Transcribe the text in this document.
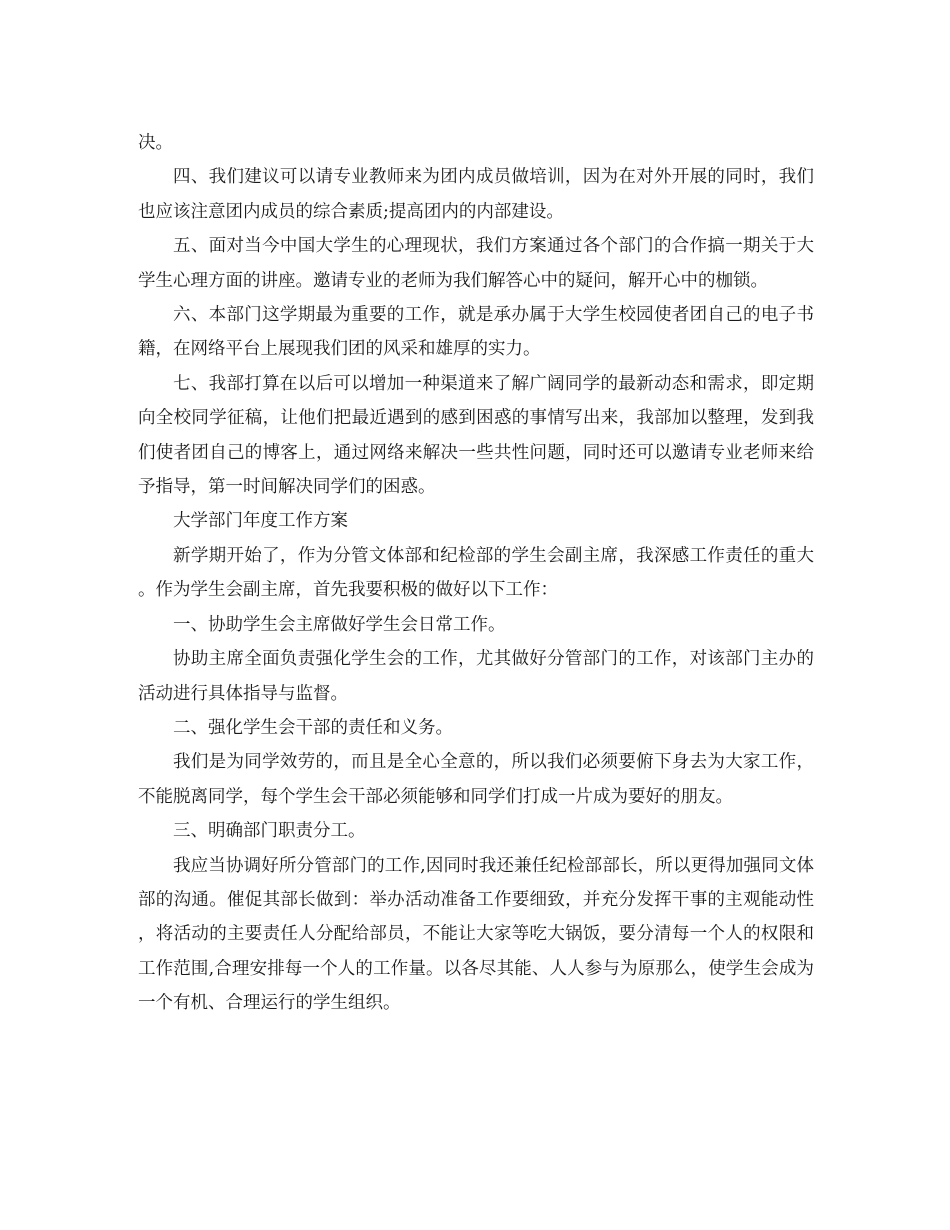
决。

四、我们建议可以请专业教师来为团内成员做培训，因为在对外开展的同时，我们也应该注意团内成员的综合素质;提高团内的内部建设。

五、面对当今中国大学生的心理现状，我们方案通过各个部门的合作搞一期关于大学生心理方面的讲座。邀请专业的老师为我们解答心中的疑问，解开心中的枷锁。

六、本部门这学期最为重要的工作，就是承办属于大学生校园使者团自己的电子书籍，在网络平台上展现我们团的风采和雄厚的实力。

七、我部打算在以后可以增加一种渠道来了解广阔同学的最新动态和需求，即定期向全校同学征稿，让他们把最近遇到的感到困惑的事情写出来，我部加以整理，发到我们使者团自己的博客上，通过网络来解决一些共性问题，同时还可以邀请专业老师来给予指导，第一时间解决同学们的困惑。

大学部门年度工作方案

新学期开始了，作为分管文体部和纪检部的学生会副主席，我深感工作责任的重大。作为学生会副主席，首先我要积极的做好以下工作：

一、协助学生会主席做好学生会日常工作。

协助主席全面负责强化学生会的工作，尤其做好分管部门的工作，对该部门主办的活动进行具体指导与监督。

二、强化学生会干部的责任和义务。

我们是为同学效劳的，而且是全心全意的，所以我们必须要俯下身去为大家工作，不能脱离同学，每个学生会干部必须能够和同学们打成一片成为要好的朋友。

三、明确部门职责分工。

我应当协调好所分管部门的工作,因同时我还兼任纪检部部长，所以更得加强同文体部的沟通。催促其部长做到：举办活动准备工作要细致，并充分发挥干事的主观能动性，将活动的主要责任人分配给部员，不能让大家等吃大锅饭，要分清每一个人的权限和工作范围,合理安排每一个人的工作量。以各尽其能、人人参与为原那么，使学生会成为一个有机、合理运行的学生组织。
